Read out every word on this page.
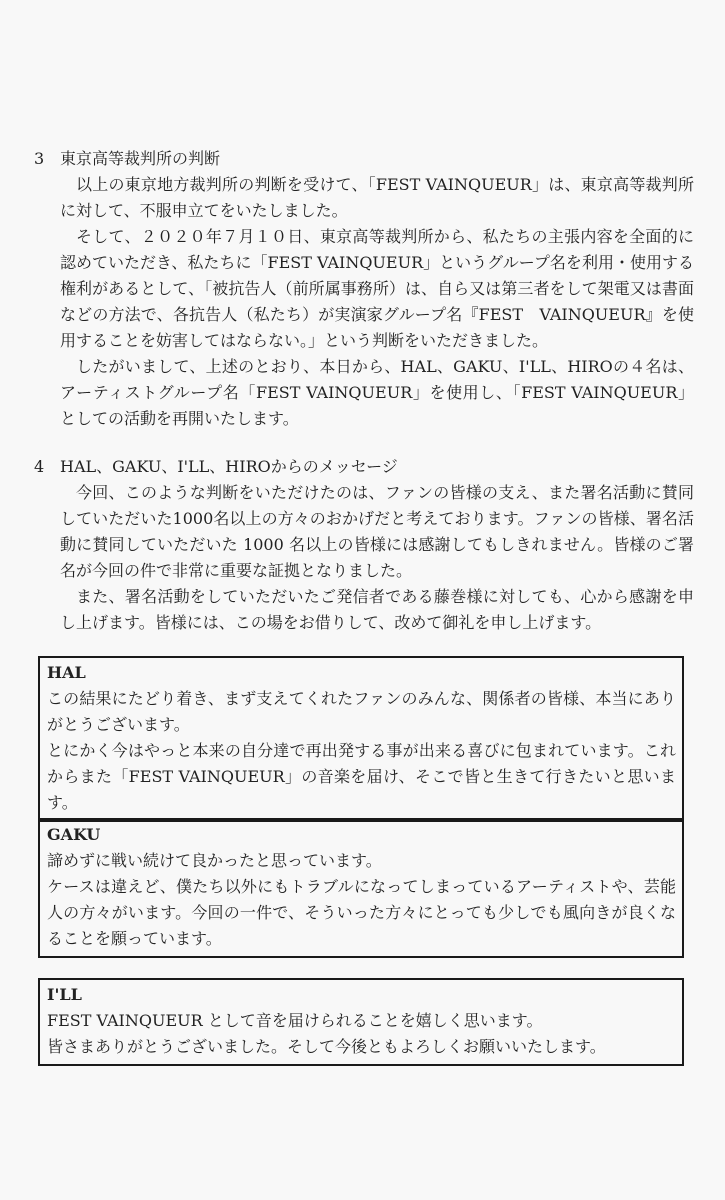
3 東京高等裁判所の判断

以上の東京地方裁判所の判断を受けて、「FEST VAINQUEUR」は、東京高等裁判所に対して、不服申立てをいたしました。

そして、２０２０年７月１０日、東京高等裁判所から、私たちの主張内容を全面的に認めていただき、私たちに「FEST VAINQUEUR」というグループ名を利用・使用する権利があるとして、「被抗告人（前所属事務所）は、自ら又は第三者をして架電又は書面などの方法で、各抗告人（私たち）が実演家グループ名『FEST　VAINQUEUR』を使用することを妨害してはならない。」という判断をいただきました。

したがいまして、上述のとおり、本日から、HAL、GAKU、I'LL、HIROの４名は、アーティストグループ名「FEST VAINQUEUR」を使用し、「FEST VAINQUEUR」としての活動を再開いたします。

4 HAL、GAKU、I'LL、HIROからのメッセージ

今回、このような判断をいただけたのは、ファンの皆様の支え、また署名活動に賛同していただいた1000名以上の方々のおかげだと考えております。ファンの皆様、署名活動に賛同していただいた 1000 名以上の皆様には感謝してもしきれません。皆様のご署名が今回の件で非常に重要な証拠となりました。

また、署名活動をしていただいたご発信者である藤巻様に対しても、心から感謝を申し上げます。皆様には、この場をお借りして、改めて御礼を申し上げます。

HAL

この結果にたどり着き、まず支えてくれたファンのみんな、関係者の皆様、本当にありがとうございます。

とにかく今はやっと本来の自分達で再出発する事が出来る喜びに包まれています。これからまた「FEST VAINQUEUR」の音楽を届け、そこで皆と生きて行きたいと思います。

GAKU

諦めずに戦い続けて良かったと思っています。

ケースは違えど、僕たち以外にもトラブルになってしまっているアーティストや、芸能人の方々がいます。今回の一件で、そういった方々にとっても少しでも風向きが良くなることを願っています。

I'LL

FEST VAINQUEUR として音を届けられることを嬉しく思います。

皆さまありがとうございました。そして今後ともよろしくお願いいたします。
